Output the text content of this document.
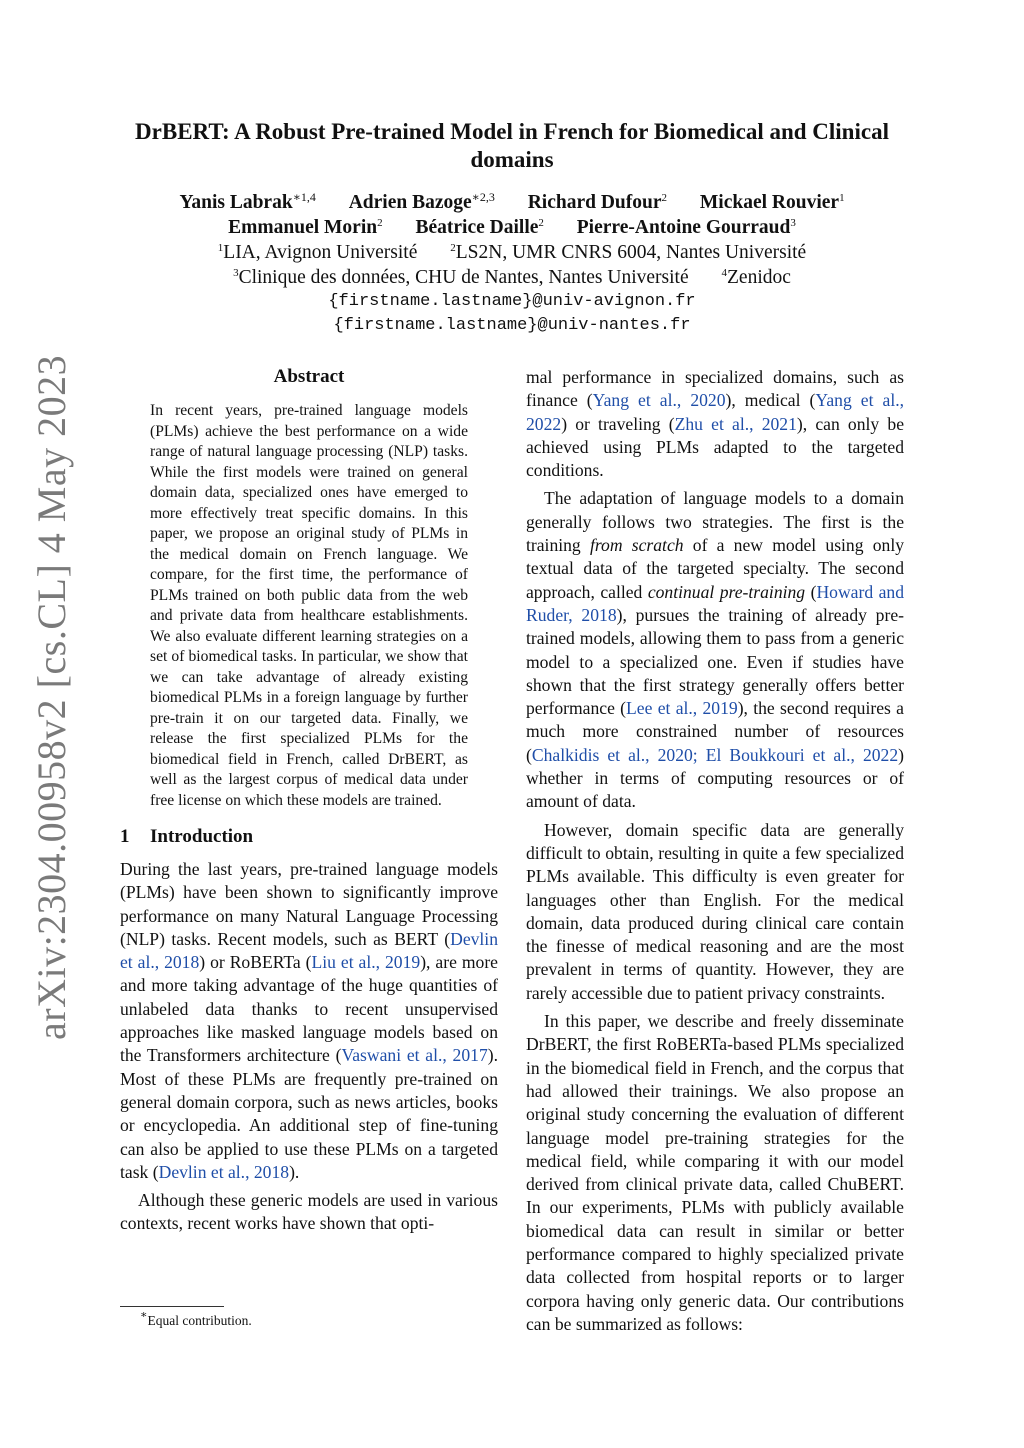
arXiv:2304.00958v2 [cs.CL] 4 May 2023
DrBERT: A Robust Pre-trained Model in French for Biomedical and Clinical domains
Yanis Labrak$^{∗1,4}$ Adrien Bazoge$^{∗2,3}$ Richard Dufour$^2$ Mickael Rouvier$^1$
Emmanuel Morin$^2$ Béatrice Daille$^2$ Pierre-Antoine Gourraud$^3$
$^1$LIA, Avignon Université	$^2$LS2N, UMR CNRS 6004, Nantes Université
$^3$Clinique des données, CHU de Nantes, Nantes Université	$^4$Zenidoc
{firstname.lastname}@univ-avignon.fr
{firstname.lastname}@univ-nantes.fr
Abstract
In recent years, pre-trained language models (PLMs) achieve the best performance on a wide range of natural language processing (NLP) tasks. While the first models were trained on general domain data, specialized ones have emerged to more effectively treat specific domains. In this paper, we propose an original study of PLMs in the medical domain on French language. We compare, for the first time, the performance of PLMs trained on both public data from the web and private data from healthcare establishments. We also evaluate different learning strategies on a set of biomedical tasks. In particular, we show that we can take advantage of already existing biomedical PLMs in a foreign language by further pre-train it on our targeted data. Finally, we release the first specialized PLMs for the biomedical field in French, called DrBERT, as well as the largest corpus of medical data under free license on which these models are trained.
1 Introduction

During the last years, pre-trained language models (PLMs) have been shown to significantly improve performance on many Natural Language Processing (NLP) tasks. Recent models, such as BERT (Devlin et al., 2018) or RoBERTa (Liu et al., 2019), are more and more taking advantage of the huge quantities of unlabeled data thanks to recent unsupervised approaches like masked language models based on the Transformers architecture (Vaswani et al., 2017). Most of these PLMs are frequently pre-trained on general domain corpora, such as news articles, books or encyclopedia. An additional step of fine-tuning can also be applied to use these PLMs on a targeted task (Devlin et al., 2018).

Although these generic models are used in various contexts, recent works have shown that opti-

mal performance in specialized domains, such as finance (Yang et al., 2020), medical (Yang et al., 2022) or traveling (Zhu et al., 2021), can only be achieved using PLMs adapted to the targeted conditions.

The adaptation of language models to a domain generally follows two strategies. The first is the training from scratch of a new model using only textual data of the targeted specialty. The second approach, called continual pre-training (Howard and Ruder, 2018), pursues the training of already pre-trained models, allowing them to pass from a generic model to a specialized one. Even if studies have shown that the first strategy generally offers better performance (Lee et al., 2019), the second requires a much more constrained number of resources (Chalkidis et al., 2020; El Boukkouri et al., 2022) whether in terms of computing resources or of amount of data.

However, domain specific data are generally difficult to obtain, resulting in quite a few specialized PLMs available. This difficulty is even greater for languages other than English. For the medical domain, data produced during clinical care contain the finesse of medical reasoning and are the most prevalent in terms of quantity. However, they are rarely accessible due to patient privacy constraints.

In this paper, we describe and freely disseminate DrBERT, the first RoBERTa-based PLMs specialized in the biomedical field in French, and the corpus that had allowed their trainings. We also propose an original study concerning the evaluation of different language model pre-training strategies for the medical field, while comparing it with our model derived from clinical private data, called ChuBERT. In our experiments, PLMs with publicly available biomedical data can result in similar or better performance compared to highly specialized private data collected from hospital reports or to larger corpora having only generic data. Our contributions can be summarized as follows:

∗Equal contribution.
